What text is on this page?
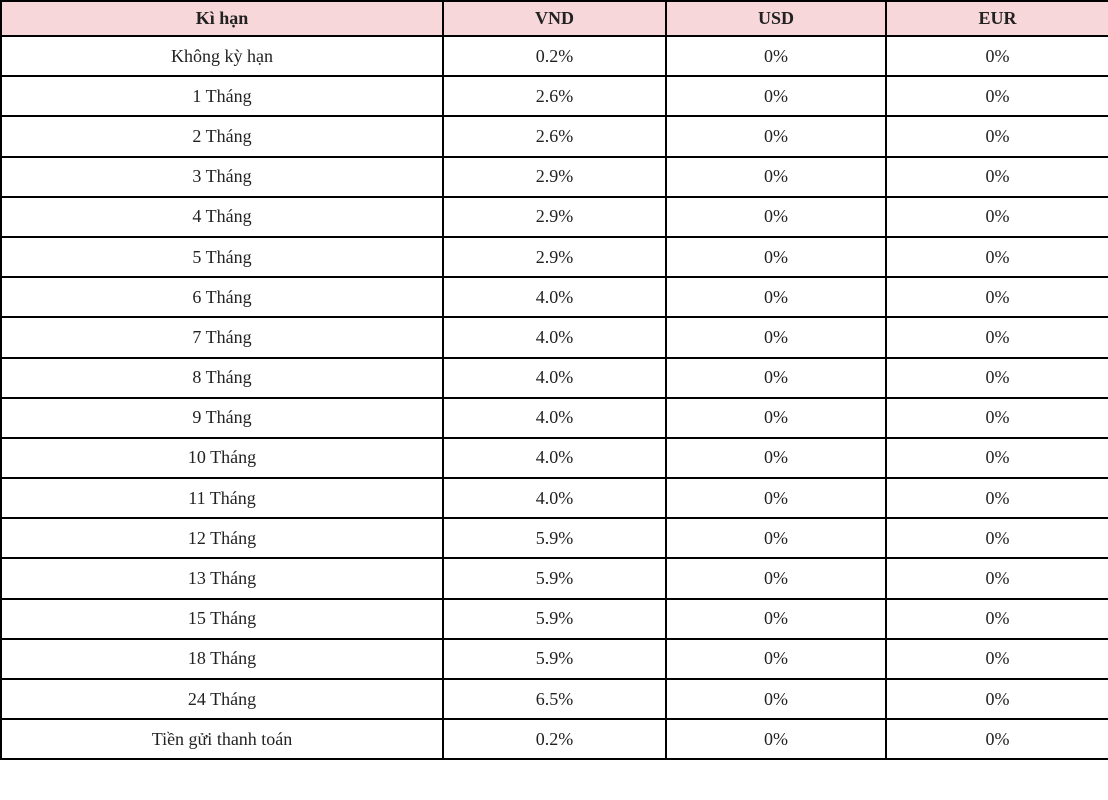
Kì hạn	VND	USD	EUR
Không kỳ hạn	0.2%	0%	0%
1 Tháng	2.6%	0%	0%
2 Tháng	2.6%	0%	0%
3 Tháng	2.9%	0%	0%
4 Tháng	2.9%	0%	0%
5 Tháng	2.9%	0%	0%
6 Tháng	4.0%	0%	0%
7 Tháng	4.0%	0%	0%
8 Tháng	4.0%	0%	0%
9 Tháng	4.0%	0%	0%
10 Tháng	4.0%	0%	0%
11 Tháng	4.0%	0%	0%
12 Tháng	5.9%	0%	0%
13 Tháng	5.9%	0%	0%
15 Tháng	5.9%	0%	0%
18 Tháng	5.9%	0%	0%
24 Tháng	6.5%	0%	0%
Tiền gửi thanh toán	0.2%	0%	0%
